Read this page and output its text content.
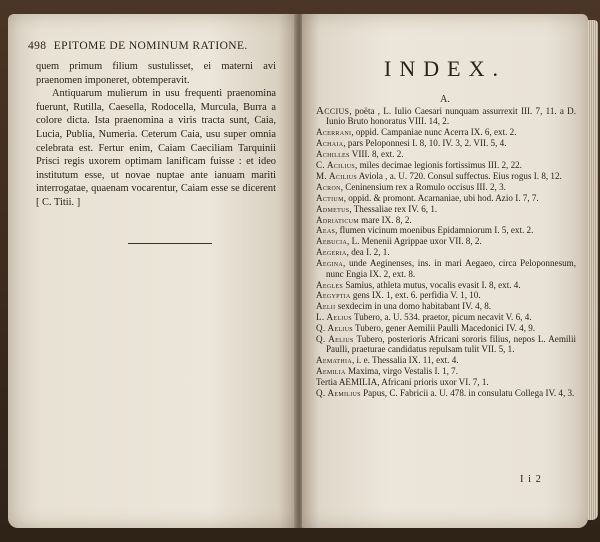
498 EPITOME DE NOMINUM RATIONE.

quem primum filium sustulisset, ei materni avi praenomen imponeret, obtemperavit.

Antiquarum mulierum in usu frequenti praenomina fuerunt, Rutilla, Caesella, Rodocella, Murcula, Burra a colore dicta. Ista praenomina a viris tracta sunt, Caia, Lucia, Publia, Numeria. Ceterum Caia, usu super omnia celebrata est. Fertur enim, Caiam Caeciliam Tarquinii Prisci regis uxorem optimam lanificam fuisse : et ideo institutum esse, ut novae nuptae ante ianuam mariti interrogatae, quaenam vocarentur, Caiam esse se dicerent [ C. Titii. ]

INDEX.
A.

Accius, poëta , L. Iulio Caesari nunquam assurrexit III. 7, 11. a D. Iunio Bruto honoratus VIII. 14, 2.

Acerrani, oppid. Campaniae nunc Acerra IX. 6, ext. 2.

Achaia, pars Peloponnesi I. 8, 10. IV. 3, 2. VII. 5, 4.

Achilles VIII. 8, ext. 2.

C. Acilius, miles decimae legionis fortissimus III. 2, 22.

M. Acilius Aviola , a. U. 720. Consul suffectus. Eius rogus I. 8, 12.

Acron, Ceninensium rex a Romulo occisus III. 2, 3.

Actium, oppid. & promont. Acarnaniae, ubi hod. Azio I. 7, 7.

Admetus, Thessaliae rex IV. 6, 1.

Adriaticum mare IX. 8, 2.

Aeas, flumen vicinum moenibus Epidamniorum I. 5, ext. 2.

Aebucia, L. Menenii Agrippae uxor VII. 8, 2.

Aegeria, dea I. 2, 1.

Aegina, unde Aeginenses, ins. in mari Aegaeo, circa Peloponnesum, nunc Engia IX. 2, ext. 8.

Aegles Samius, athleta mutus, vocalis evasit I. 8, ext. 4.

Aegyptia gens IX. 1, ext. 6. perfidia V. 1, 10.

Aelii sexdecim in una domo habitabant IV. 4, 8.

L. Aelius Tubero, a. U. 534. praetor, picum necavit V. 6, 4.

Q. Aelius Tubero, gener Aemilii Paulli Macedonici IV. 4, 9.

Q. Aelius Tubero, posterioris Africani sororis filius, nepos L. Aemilii Paulli, praeturae candidatus repulsam tulit VII. 5, 1.

Aemathia, i. e. Thessalia IX. 11, ext. 4.

Aemilia Maxima, virgo Vestalis I. 1, 7.

Tertia AEMILIA, Africani prioris uxor VI. 7, 1.

Q. Aemilius Papus, C. Fabricii a. U. 478. in consulatu Collega IV. 4, 3.

I i 2
